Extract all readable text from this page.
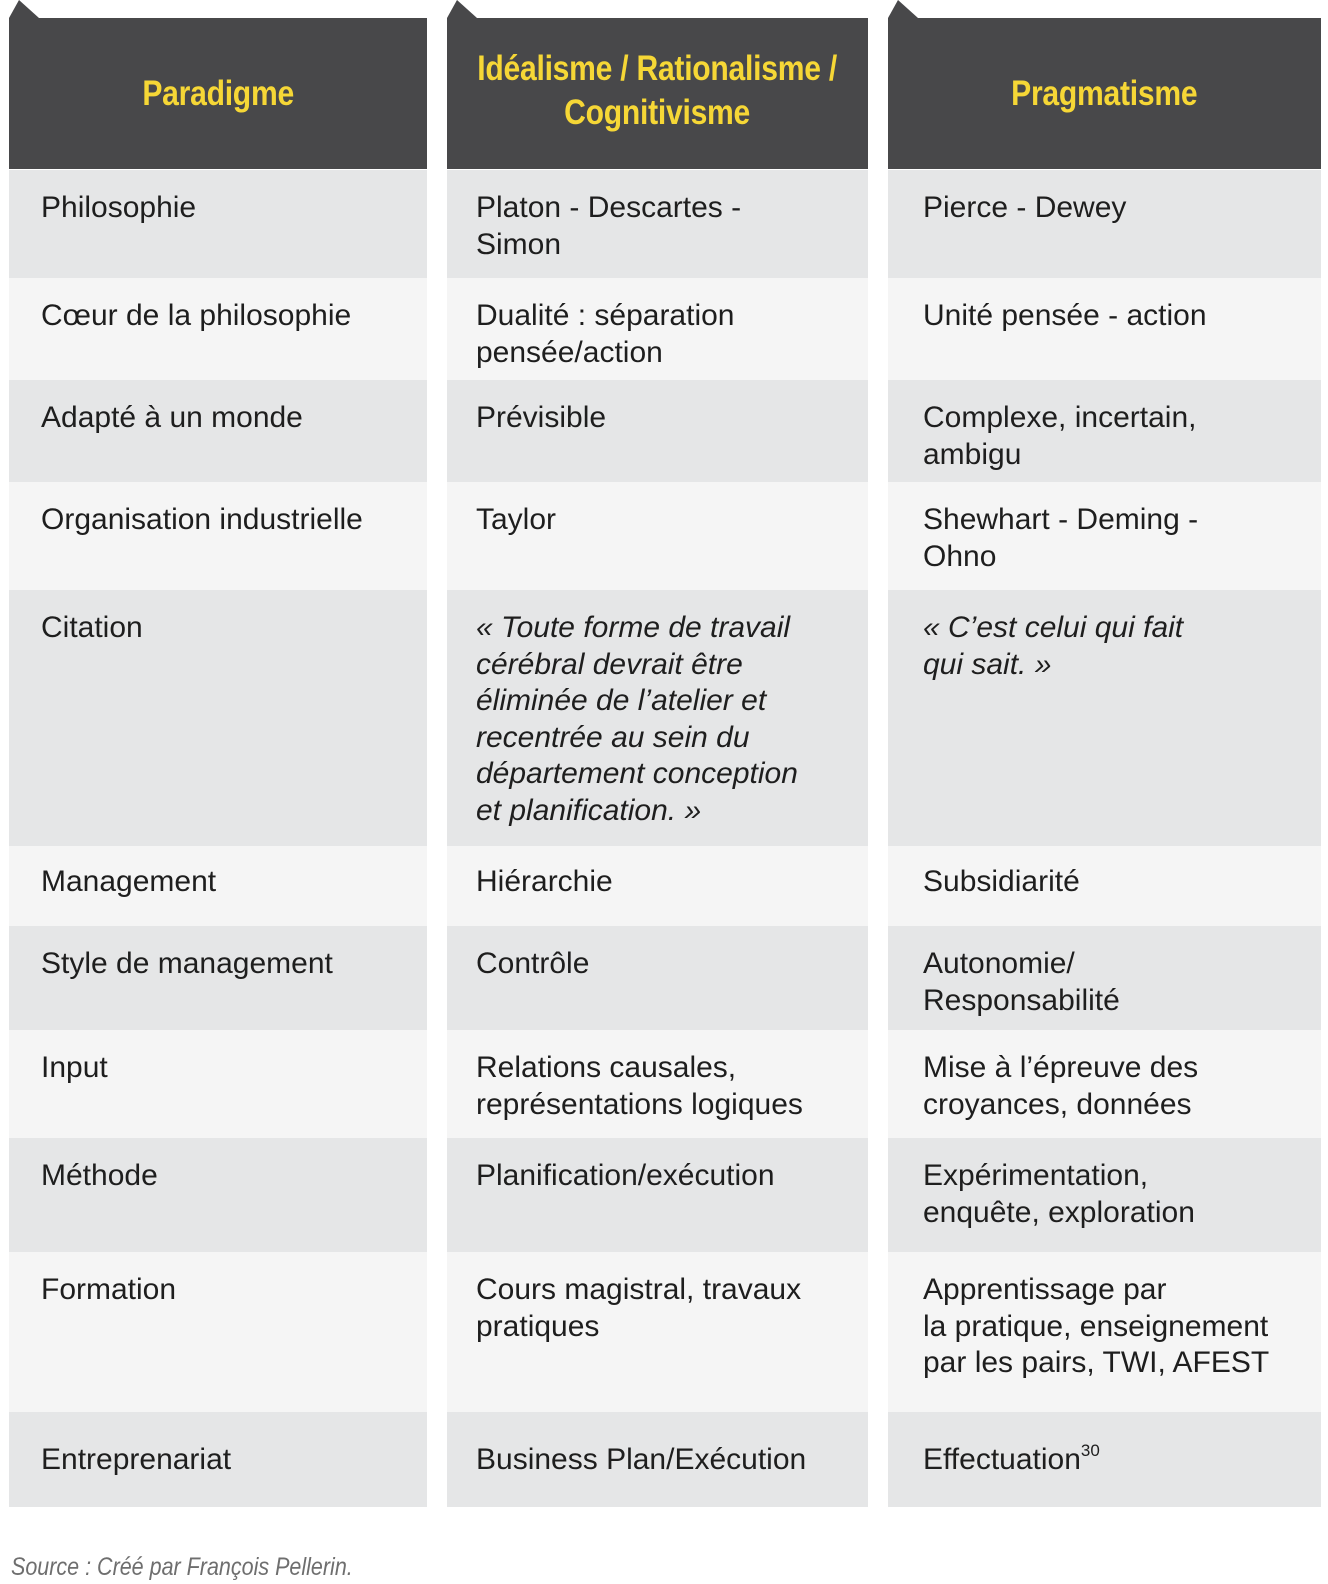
Paradigme
Philosophie
Cœur de la philosophie
Adapté à un monde
Organisation industrielle
Citation
Management
Style de management
Input
Méthode
Formation
Entreprenariat
Idéalisme / Rationalisme /
Cognitivisme
Platon - Descartes -
Simon
Dualité : séparation
pensée/action
Prévisible
Taylor
« Toute forme de travail
cérébral devrait être
éliminée de l’atelier et
recentrée au sein du
département conception
et planification. »
Hiérarchie
Contrôle
Relations causales,
représentations logiques
Planification/exécution
Cours magistral, travaux
pratiques
Business Plan/Exécution
Pragmatisme
Pierce - Dewey
Unité pensée - action
Complexe, incertain,
ambigu
Shewhart - Deming -
Ohno
« C’est celui qui fait
qui sait. »
Subsidiarité
Autonomie/
Responsabilité
Mise à l’épreuve des
croyances, données
Expérimentation,
enquête, exploration
Apprentissage par
la pratique, enseignement
par les pairs, TWI, AFEST
Effectuation$^{30}$
Source : Créé par François Pellerin.
